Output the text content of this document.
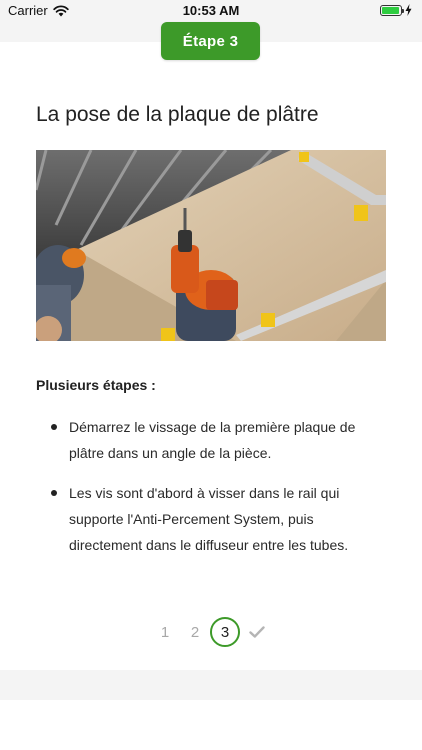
Carrier	10:53 AM
Étape 3
La pose de la plaque de plâtre
Plusieurs étapes :
Démarrez le vissage de la première plaque de plâtre dans un angle de la pièce.
Les vis sont d'abord à visser dans le rail qui supporte l'Anti-Percement System, puis directement dans le diffuseur entre les tubes.
1	2	3
